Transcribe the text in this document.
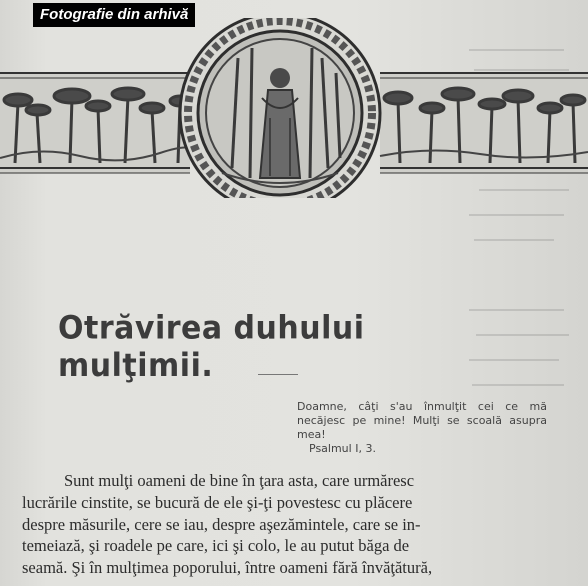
Fotografie din arhivă
Otrăvirea duhului mulţimii.
Doamne, câţi s'au înmulţit cei ce mă necăjesc pe mine! Mulţi se scoală asupra mea!
Psalmul I, 3.
Sunt mulţi oameni de bine în ţara asta, care urmăresc
lucrările cinstite, se bucură de ele şi-ţi povestesc cu plăcere
despre măsurile, cere se iau, despre aşezămintele, care se in-
temeiază, şi roadele pe care, ici şi colo, le au putut băga de
seamă. Şi în mulţimea poporului, între oameni fără învăţătură,
